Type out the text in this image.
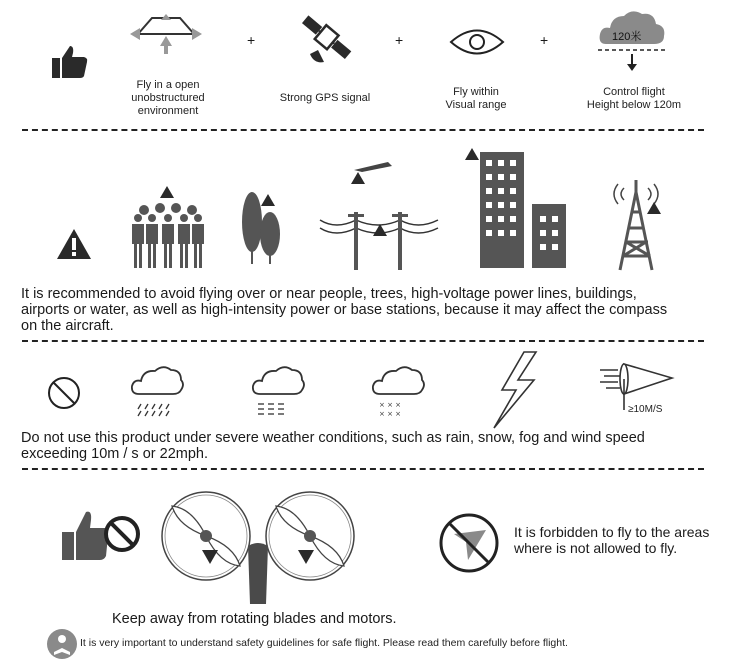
Fly in a open
unobstructured
environment
+
Strong GPS signal
+
Fly within
Visual range
+	120米
Control flight
Height below 120m
It is recommended to avoid flying over or near people, trees, high-voltage power lines, buildings,
airports or water, as well as high-intensity power or base stations, because it may affect the compass
on the aircraft.
× × ×
× × ×	≥10M/S
Do not use this product under severe weather conditions, such as rain, snow, fog and wind speed
exceeding 10m / s or 22mph.
It is forbidden to fly to the areas
where is not allowed to fly.
Keep away from rotating blades and motors.
It is very important to understand safety guidelines for safe flight. Please read them carefully before flight.
